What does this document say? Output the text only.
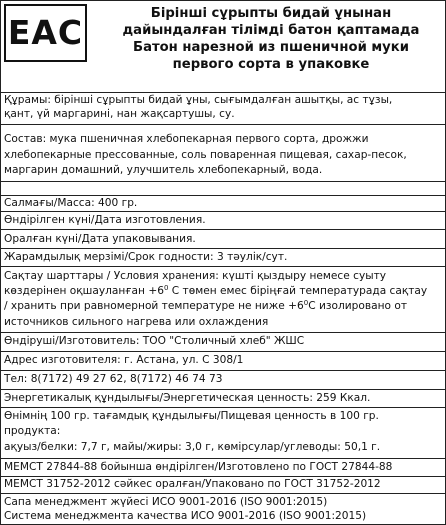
EAC	Бірінші сұрыпты бидай ұнынан
дайындалған тілімді батон қаптамада
Батон нарезной из пшеничной муки
первого сорта в упаковке
Құрамы: бірінші сұрыпты бидай ұны, сығымдалған ашытқы, ас тұзы,
қант, үй маргарині, нан жақсартушы, су.
Состав: мука пшеничная хлебопекарная первого сорта, дрожжи
хлебопекарные прессованные, соль поваренная пищевая, сахар-песок,
маргарин домашний, улучшитель хлебопекарный, вода.
Салмағы/Масса: 400 гр.
Өндірілген күні/Дата изготовления.
Оралған күні/Дата упаковывания.
Жарамдылық мерзімі/Срок годности: 3 тәулік/сут.
Сақтау шарттары / Условия хранения: күшті қыздыру немесе суыту
көздерінен оқшауланған $+6^0$ С төмен емес біріңғай температурада сақтау
/ хранить при равномерной температуре не ниже $+6^0С$ изолировано от
источников сильного нагрева или охлаждения
Өндіруші/Изготовитель: ТОО "Столичный хлеб" ЖШС
Адрес изготовителя: г. Астана, ул. С 308/1
Тел: 8(7172) 49 27 62, 8(7172) 46 74 73
Энергетикалық құндылығы/Энергетическая ценность: 259 Ккал.
Өнімнің 100 гр. тағамдық құндылығы/Пищевая ценность в 100 гр.
продукта:
ақуыз/белки: 7,7 г, майы/жиры: 3,0 г, көмірсулар/углеводы: 50,1 г.
МЕМСТ 27844-88 бойынша өндірілген/Изготовлено по ГОСТ 27844-88
МЕМСТ 31752-2012 сәйкес оралған/Упаковано по ГОСТ 31752-2012
Сапа менеджмент жүйесі ИСО 9001-2016 (ISO 9001:2015)
Система менеджмента качества ИСО 9001-2016 (ISO 9001:2015)
